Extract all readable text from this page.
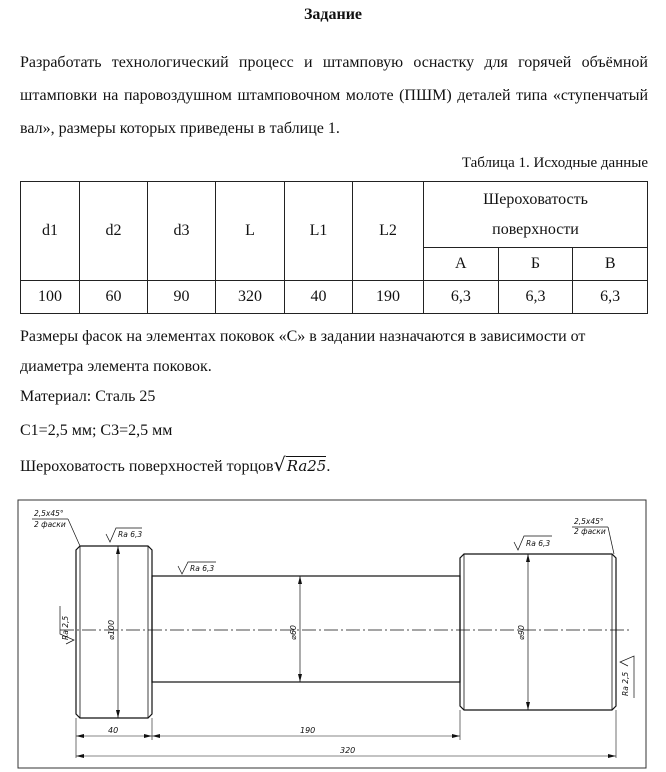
Задание
Разработать технологический процесс и штамповую оснастку для горячей объёмной штамповки на паровоздушном штамповочном молоте (ПШМ) деталей типа «ступенчатый вал», размеры которых приведены в таблице 1.
Таблица 1. Исходные данные
d1	d2	d3	L	L1	L2	Шероховатость
поверхности		

						А	Б	В
100	60	90	320	40	190	6,3	6,3	6,3
Размеры фасок на элементах поковок «С» в задании назначаются в зависимости от диаметра элемента поковок.
Материал: Сталь 25
С1=2,5 мм; С3=2,5 мм
Шероховатость поверхностей торцов√Ra25.
⌀100	⌀60	⌀90
Ra 6,3
Ra 6,3
Ra 6,3
Ra 2,5
Ra 2,5
2,5x45°
2 фаски	2,5x45°
2 фаски
40	190
320
